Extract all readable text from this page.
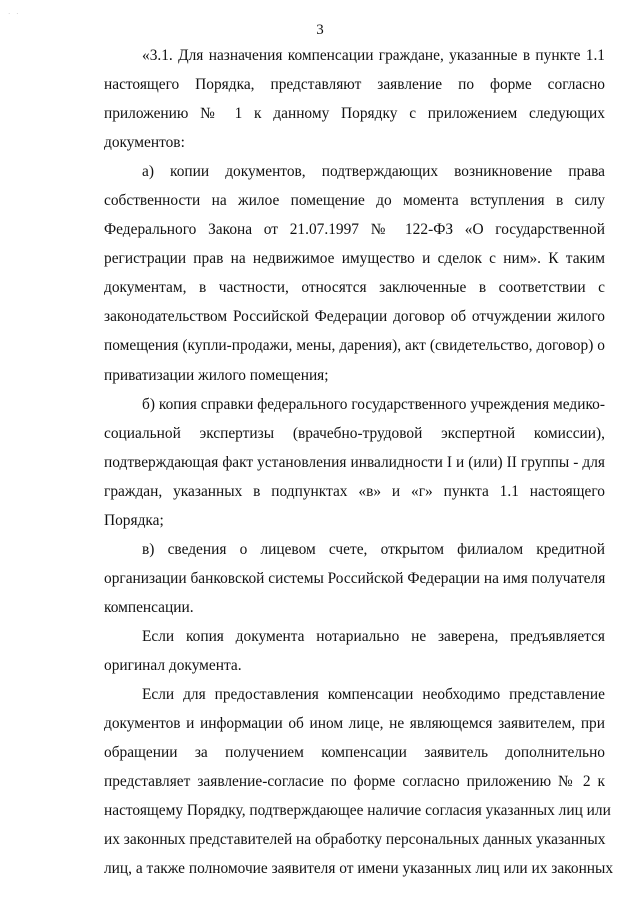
· ·
3
«3.1. Для назначения компенсации граждане, указанные в пункте 1.1
настоящего Порядка, представляют заявление по форме согласно
приложению № 1 к данному Порядку с приложением следующих
документов:
а) копии документов, подтверждающих возникновение права
собственности на жилое помещение до момента вступления в силу
Федерального Закона от 21.07.1997 № 122-ФЗ «О государственной
регистрации прав на недвижимое имущество и сделок с ним». К таким
документам, в частности, относятся заключенные в соответствии с
законодательством Российской Федерации договор об отчуждении жилого
помещения (купли-продажи, мены, дарения), акт (свидетельство, договор) о
приватизации жилого помещения;
б) копия справки федерального государственного учреждения медико-
социальной экспертизы (врачебно-трудовой экспертной комиссии),
подтверждающая факт установления инвалидности I и (или) II группы - для
граждан, указанных в подпунктах «в» и «г» пункта 1.1 настоящего
Порядка;
в) сведения о лицевом счете, открытом филиалом кредитной
организации банковской системы Российской Федерации на имя получателя
компенсации.
Если копия документа нотариально не заверена, предъявляется
оригинал документа.
Если для предоставления компенсации необходимо представление
документов и информации об ином лице, не являющемся заявителем, при
обращении за получением компенсации заявитель дополнительно
представляет заявление-согласие по форме согласно приложению № 2 к
настоящему Порядку, подтверждающее наличие согласия указанных лиц или
их законных представителей на обработку персональных данных указанных
лиц, а также полномочие заявителя от имени указанных лиц или их законных
